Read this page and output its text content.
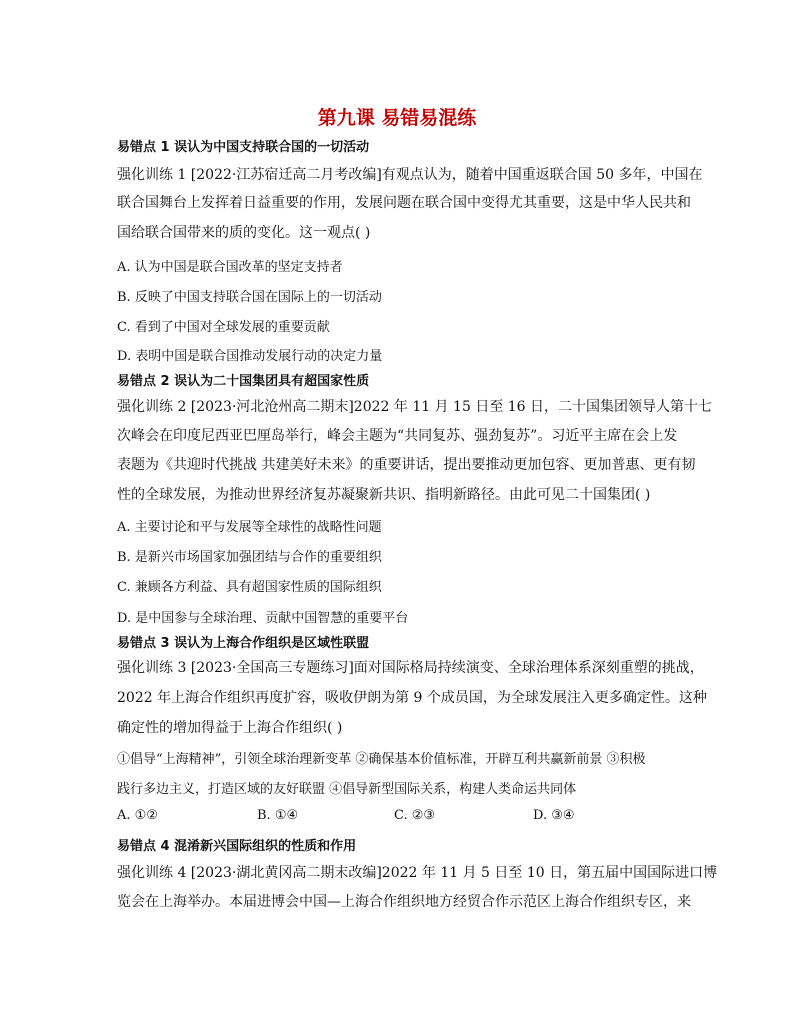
第九课 易错易混练
易错点 1 误认为中国支持联合国的一切活动
强化训练 1 [2022·江苏宿迁高二月考改编]有观点认为，随着中国重返联合国 50 多年，中国在
联合国舞台上发挥着日益重要的作用，发展问题在联合国中变得尤其重要，这是中华人民共和
国给联合国带来的质的变化。这一观点( )
A. 认为中国是联合国改革的坚定支持者
B. 反映了中国支持联合国在国际上的一切活动
C. 看到了中国对全球发展的重要贡献
D. 表明中国是联合国推动发展行动的决定力量
易错点 2 误认为二十国集团具有超国家性质
强化训练 2 [2023·河北沧州高二期末]2022 年 11 月 15 日至 16 日，二十国集团领导人第十七
次峰会在印度尼西亚巴厘岛举行，峰会主题为“共同复苏、强劲复苏”。习近平主席在会上发
表题为《共迎时代挑战 共建美好未来》的重要讲话，提出要推动更加包容、更加普惠、更有韧
性的全球发展，为推动世界经济复苏凝聚新共识、指明新路径。由此可见二十国集团( )
A. 主要讨论和平与发展等全球性的战略性问题
B. 是新兴市场国家加强团结与合作的重要组织
C. 兼顾各方利益、具有超国家性质的国际组织
D. 是中国参与全球治理、贡献中国智慧的重要平台
易错点 3 误认为上海合作组织是区域性联盟
强化训练 3 [2023·全国高三专题练习]面对国际格局持续演变、全球治理体系深刻重塑的挑战，
2022 年上海合作组织再度扩容，吸收伊朗为第 9 个成员国，为全球发展注入更多确定性。这种
确定性的增加得益于上海合作组织( )
①倡导“上海精神”，引领全球治理新变革 ②确保基本价值标准，开辟互利共赢新前景 ③积极
践行多边主义，打造区域的友好联盟 ④倡导新型国际关系，构建人类命运共同体
A. ①②	B. ①④	C. ②③	D. ③④
易错点 4 混淆新兴国际组织的性质和作用
强化训练 4 [2023·湖北黄冈高二期末改编]2022 年 11 月 5 日至 10 日，第五届中国国际进口博
览会在上海举办。本届进博会中国—上海合作组织地方经贸合作示范区上海合作组织专区，来
